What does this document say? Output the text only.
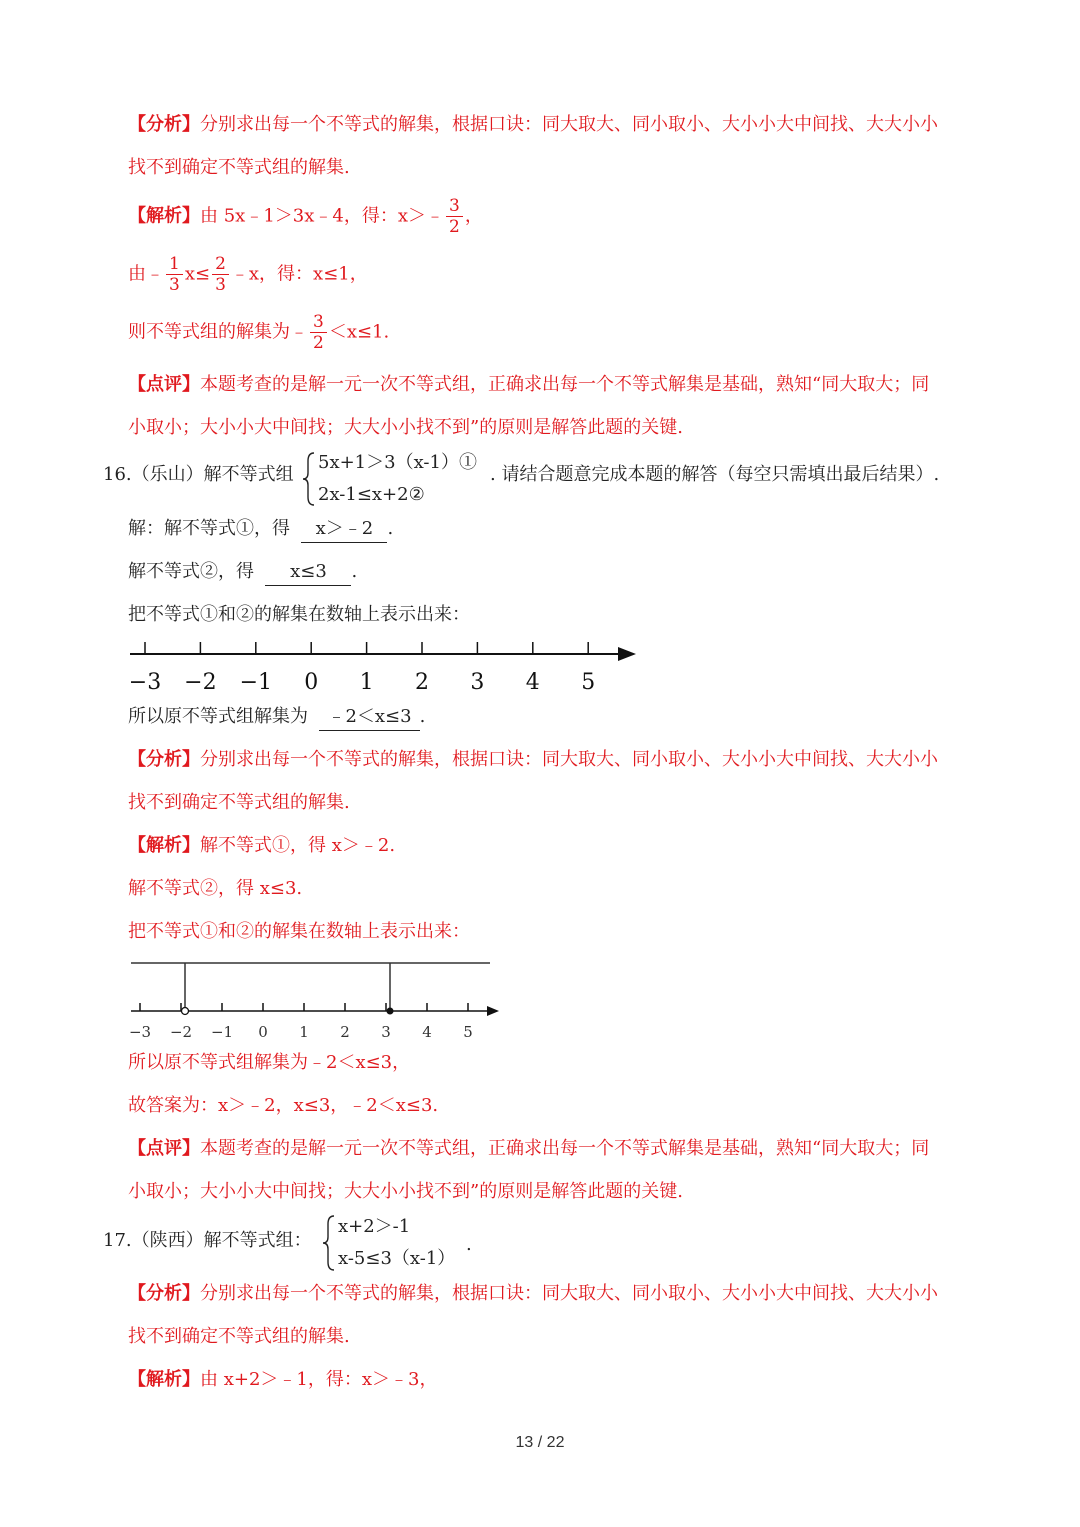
【分析】分别求出每一个不等式的解集，根据口诀：同大取大、同小取小、大小小大中间找、大大小小
找不到确定不等式组的解集.
【解析】由 5x﹣1＞3x﹣4，得：x＞﹣ $\frac{3}{2}$ ，
由﹣ $\frac{1}{3} x\le \frac{2}{3}$ ﹣x，得：x≤1，
则不等式组的解集为﹣ $\frac{3}{2} <x\le 1$.
【点评】本题考查的是解一元一次不等式组，正确求出每一个不等式解集是基础，熟知“同大取大；同
小取小；大小小大中间找；大大小小找不到”的原则是解答此题的关键.
16.（乐山）解不等式组
5x+1＞3（x-1）①
2x-1≤x+2②
. 请结合题意完成本题的解答（每空只需填出最后结果）.
解：解不等式①，得 x＞﹣2 .
解不等式②，得 x≤3 .
把不等式①和②的解集在数轴上表示出来：
−3 −2 −1 0 1 2 3 4 5
所以原不等式组解集为 ﹣2＜x≤3 .
【分析】分别求出每一个不等式的解集，根据口诀：同大取大、同小取小、大小小大中间找、大大小小
找不到确定不等式组的解集.
【解析】解不等式①，得 x＞﹣2.
解不等式②，得 x≤3.
把不等式①和②的解集在数轴上表示出来：
−3 −2 −1 0 1 2 3 4 5
所以原不等式组解集为﹣2＜x≤3，
故答案为：x＞﹣2，x≤3，﹣2＜x≤3.
【点评】本题考查的是解一元一次不等式组，正确求出每一个不等式解集是基础，熟知“同大取大；同
小取小；大小小大中间找；大大小小找不到”的原则是解答此题的关键.
17.（陕西）解不等式组：
x+2＞-1
x-5≤3（x-1）
.
【分析】分别求出每一个不等式的解集，根据口诀：同大取大、同小取小、大小小大中间找、大大小小
找不到确定不等式组的解集.
【解析】由 x+2＞﹣1，得：x＞﹣3，
13 / 22
